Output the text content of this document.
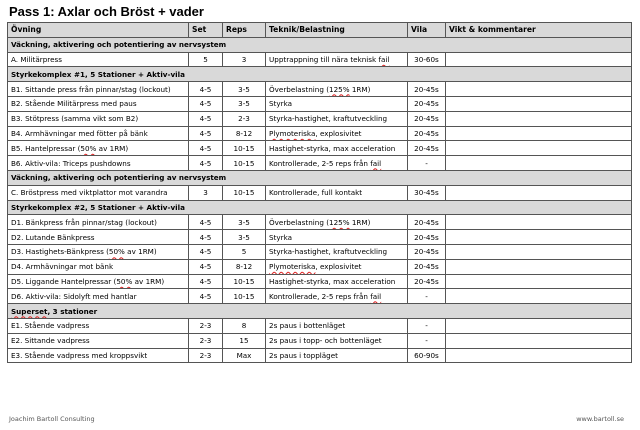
Pass 1: Axlar och Bröst + vader
Övning	Set	Reps	Teknik/Belastning	Vila	Vikt & kommentarer
Väckning, aktivering och potentiering av nervsystem					
A. Militärpress	5	3	Upptrappning till nära teknisk fail	30-60s	
Styrkekomplex #1, 5 Stationer + Aktiv-vila					
B1. Sittande press från pinnar/stag (lockout)	4-5	3-5	Överbelastning (125% 1RM)	20-45s	
B2. Stående Militärpress med paus	4-5	3-5	Styrka	20-45s	
B3. Stötpress (samma vikt som B2)	4-5	2-3	Styrka-hastighet, kraftutveckling	20-45s	
B4. Armhävningar med fötter på bänk	4-5	8-12	Plymoteriska, explosivitet	20-45s	
B5. Hantelpressar (50% av 1RM)	4-5	10-15	Hastighet-styrka, max acceleration	20-45s	
B6. Aktiv-vila: Triceps pushdowns	4-5	10-15	Kontrollerade, 2-5 reps från fail	-	
Väckning, aktivering och potentiering av nervsystem					
C. Bröstpress med viktplattor mot varandra	3	10-15	Kontrollerade, full kontakt	30-45s	
Styrkekomplex #2, 5 Stationer + Aktiv-vila					
D1. Bänkpress från pinnar/stag (lockout)	4-5	3-5	Överbelastning (125% 1RM)	20-45s	
D2. Lutande Bänkpress	4-5	3-5	Styrka	20-45s	
D3. Hastighets-Bänkpress (50% av 1RM)	4-5	5	Styrka-hastighet, kraftutveckling	20-45s	
D4. Armhävningar mot bänk	4-5	8-12	Plymoteriska, explosivitet	20-45s	
D5. Liggande Hantelpressar (50% av 1RM)	4-5	10-15	Hastighet-styrka, max acceleration	20-45s	
D6. Aktiv-vila: Sidolyft med hantlar	4-5	10-15	Kontrollerade, 2-5 reps från fail	-	
Superset, 3 stationer					
E1. Stående vadpress	2-3	8	2s paus i bottenläget	-	
E2. Sittande vadpress	2-3	15	2s paus i topp- och bottenläget	-	
E3. Stående vadpress med kroppsvikt	2-3	Max	2s paus i toppläget	60-90s	
Joachim Bartoll Consulting	www.bartoll.se
